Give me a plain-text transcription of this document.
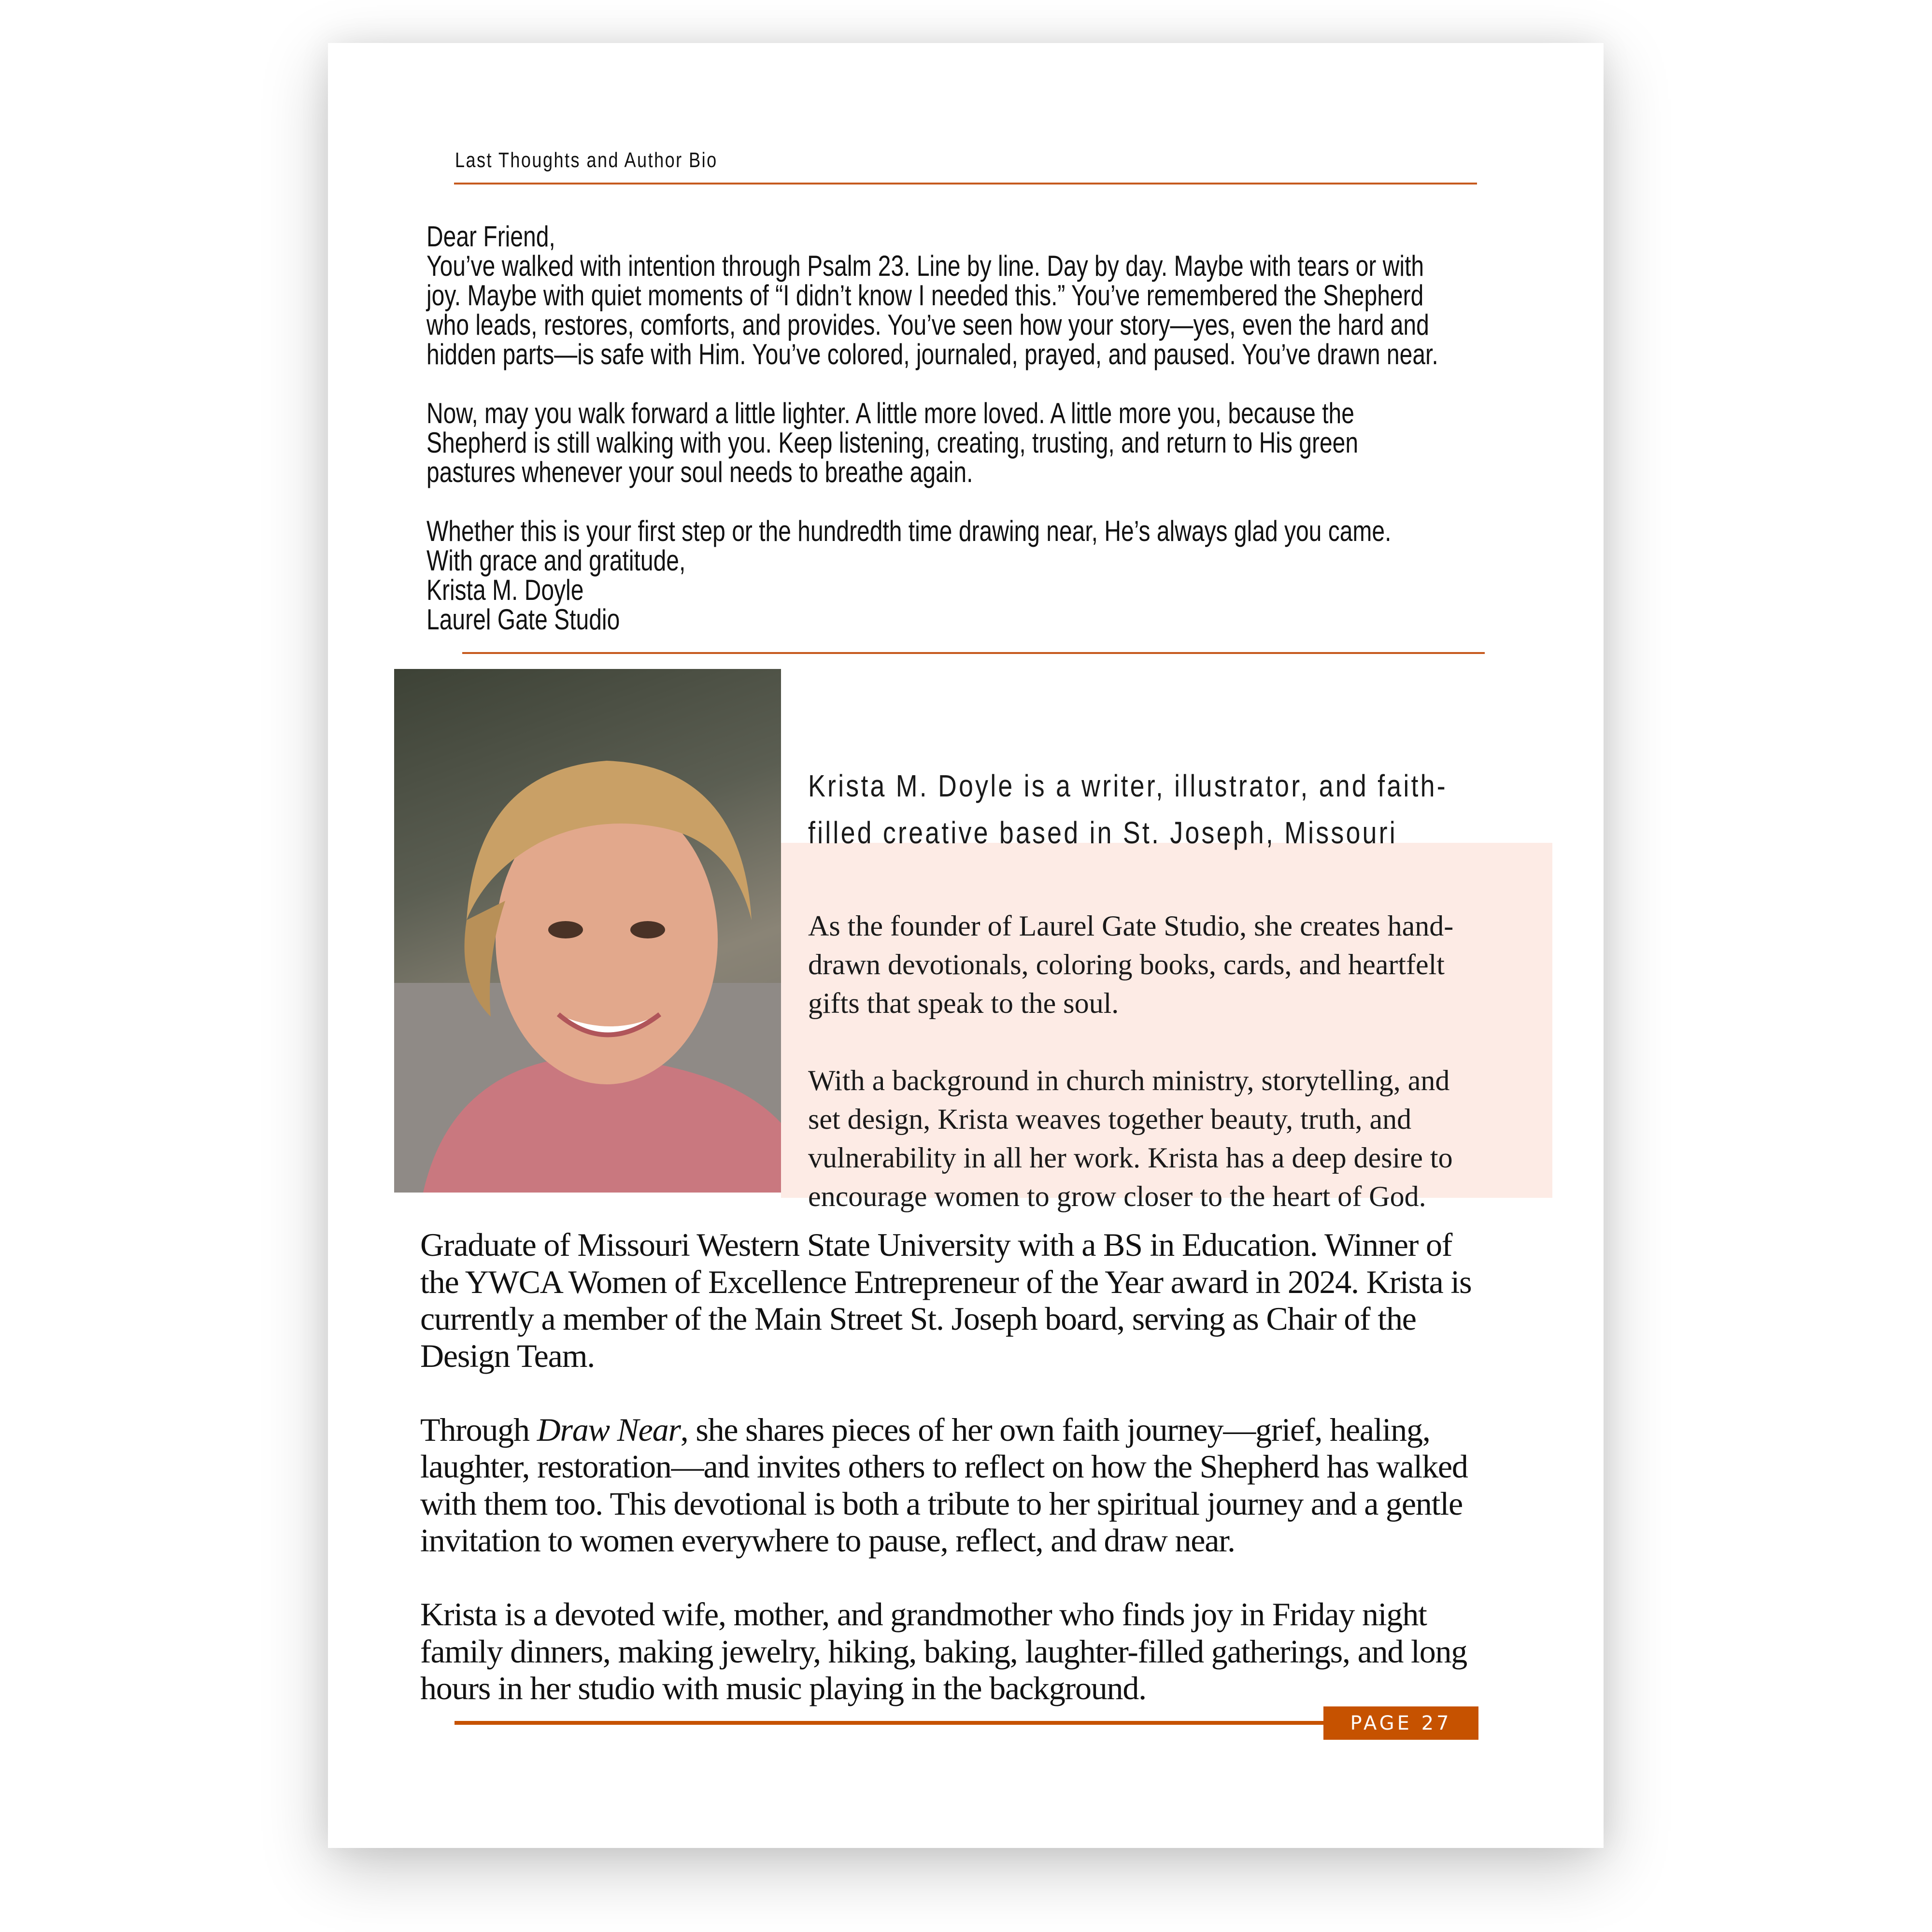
Last Thoughts and Author Bio
Dear Friend,
You’ve walked with intention through Psalm 23. Line by line. Day by day. Maybe with tears or with
joy. Maybe with quiet moments of “I didn’t know I needed this.” You’ve remembered the Shepherd
who leads, restores, comforts, and provides. You’ve seen how your story—yes, even the hard and
hidden parts—is safe with Him. You’ve colored, journaled, prayed, and paused. You’ve drawn near.
Now, may you walk forward a little lighter. A little more loved. A little more you, because the
Shepherd is still walking with you. Keep listening, creating, trusting, and return to His green
pastures whenever your soul needs to breathe again.
Whether this is your first step or the hundredth time drawing near, He’s always glad you came.
With grace and gratitude,
Krista M. Doyle
Laurel Gate Studio
Krista M. Doyle is a writer, illustrator, and faith-
filled creative based in St. Joseph, Missouri
As the founder of Laurel Gate Studio, she creates hand-
drawn devotionals, coloring books, cards, and heartfelt
gifts that speak to the soul.
With a background in church ministry, storytelling, and
set design, Krista weaves together beauty, truth, and
vulnerability in all her work. Krista has a deep desire to
encourage women to grow closer to the heart of God.
Graduate of Missouri Western State University with a BS in Education. Winner of
the YWCA Women of Excellence Entrepreneur of the Year award in 2024. Krista is
currently a member of the Main Street St. Joseph board, serving as Chair of the
Design Team.
Through Draw Near, she shares pieces of her own faith journey—grief, healing,
laughter, restoration—and invites others to reflect on how the Shepherd has walked
with them too. This devotional is both a tribute to her spiritual journey and a gentle
invitation to women everywhere to pause, reflect, and draw near.
Krista is a devoted wife, mother, and grandmother who finds joy in Friday night
family dinners, making jewelry, hiking, baking, laughter-filled gatherings, and long
hours in her studio with music playing in the background.
PAGE 27
